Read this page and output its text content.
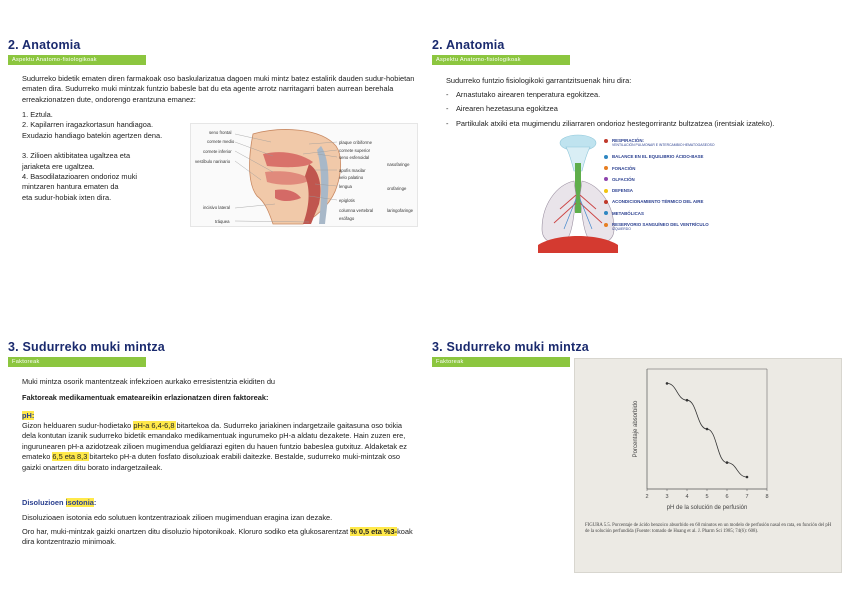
2. Anatomia
Aspektu Anatomo-fisiologikoak
Sudurreko bidetik ematen diren farmakoak oso baskularizatua dagoen muki mintz batez estalirik dauden sudur-hobietan ematen dira. Sudurreko muki mintzak funtzio babesle bat du eta agente arrotz narritagarri baten aurrean berehala erreakzionatzen dute, ondorengo erantzuna emanez:
1. Eztula.
2. Kapilarren iragazkortasun handiagoa.
Exudazio handiago batekin agertzen dena.
3. Zilioen aktibitatea ugaltzea eta
jariaketa ere ugaltzea.
4. Basodilatazioaren ondorioz muki
mintzaren hantura ematen da
eta sudur-hobiak ixten dira.
seno frontal
cornete medio
cornete inferior
vestíbulo narinario
incisivo lateral
tráquea
plaque cribiforme
cornete superior
seno esfenoidal
nasofaringe
apofis maxilar
velo palatino
lengua	orofaringe
epiglotis
columna vertebral	laringofaringe
esófago
2. Anatomia
Aspektu Anatomo-fisiologikoak
Sudurreko funtzio fisiologikoki garrantzitsuenak hiru dira:
- Arnastutako airearen tenperatura egokitzea.
- Airearen hezetasuna egokitzea
- Partikulak atxiki eta mugimendu ziliarraren ondorioz hestegorrirantz bultzatzea (irentsiak izateko).
RESPIRACIÓN:
VENTILACIÓN PULMONAR E INTERCAMBIO HEMATOGASEOSO
BALANCE EN EL EQUILIBRIO ÁCIDO-BASE
FONACIÓN
OLFACIÓN
DEFENSA
ACONDICIONAMIENTO TÉRMICO DEL AIRE
METABÓLICAS
RESERVORIO SANGUÍNEO DEL VENTRÍCULO
IZQUIERDO
3. Sudurreko muki mintza
Faktoreak
Muki mintza osorik mantentzeak infekzioen aurkako erresistentzia ekiditen du
Faktoreak medikamentuak emateareikin erlazionatzen diren faktoreak:
pH:
Gizon helduaren sudur-hodietako pH-a 6,4-6,8 bitartekoa da. Sudurreko jariakinen indargetzaile gaitasuna oso txikia dela kontutan izanik sudurreko bidetik emandako medikamentuak ingurumeko pH-a aldatu dezakete. Hain zuzen ere, ingurunearen pH-a azidotzeak zilioen mugimendua geldiarazi egiten du hauen funtzio babeslea gutxituz. Aldaketak ez emateko 6,5 eta 8,3 bitarteko pH-a duten fosfato disoluzioak erabili daitezke. Bestalde, sudurreko muki-mintzak oso gaizki onartzen ditu borato indargetzaileak.
Disoluzioen isotonia:
Disoluzioaen isotonia edo solutuen kontzentrazioak zilioen mugimenduan eragina izan dezake.
Oro har, muki-mintzak gaizki onartzen ditu disoluzio hipotonikoak. Kloruro sodiko eta glukosarentzat % 0,5 eta %3-koak dira kontzentrazio minimoak.
3. Sudurreko muki mintza
Faktoreak
Porcentaje absorbido
pH de la solución de perfusión
2	3	4	5	6	7	8
FIGURA 5.5. Porcentaje de ácido benzoico absorbido en 60 minutos en un modelo de perfusión nasal en rata, en función del pH de la solución perfundida (Fuente: tomado de Huang et al. J. Pharm Sci 1985; 74(6): 608).
